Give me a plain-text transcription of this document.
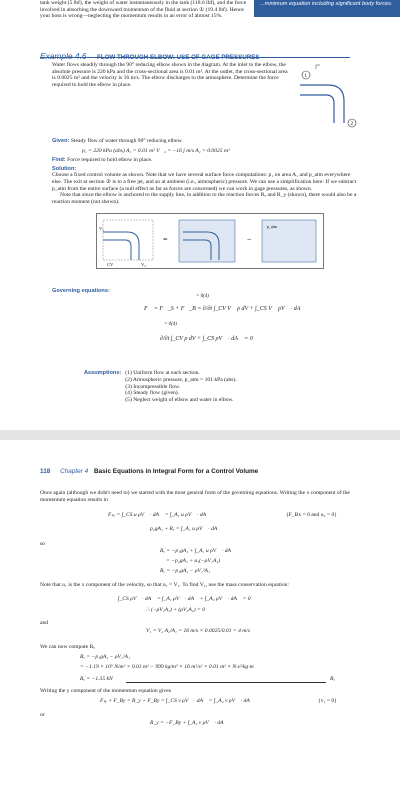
tank weight (5 lbf), the weight of water instantaneously in the tank (118.6 lbf), and the force involved in absorbing the downward momentum of the fluid at section ① (19.4 lbf). Hence your boss is wrong—neglecting the momentum results in an error of almost 15%.

...minimum equation including significant body forces.
Example 4.6 FLOW THROUGH ELBOW: USE OF GAGE PRESSURES

Water flows steadily through the 90° reducing elbow shown in the diagram. At the inlet to the elbow, the absolute pressure is 220 kPa and the cross-sectional area is 0.01 m². At the outlet, the cross-sectional area is 0.0025 m² and the velocity is 16 m/s. The elbow discharges to the atmosphere. Determine the force required to hold the elbow in place.

1
2

Given: Steady flow of water through 90° reducing elbow.

p₁ = 220 kPa (abs) A₁ = 0.01 m² V⃗₂ = −16 ĵ m/s A₂ = 0.0025 m²

Find: Force required to hold elbow in place.

Solution:

Choose a fixed control volume as shown. Note that we have several surface force computations: p₁ on area A₁ and p_atm everywhere else. The exit at section ② is to a free jet, and so at ambient (i.e., atmospheric) pressure. We can use a simplification here: If we subtract p_atm from the entire surface (a null effect as far as forces are concerned) we can work in gage pressures, as shown.

Note that since the elbow is anchored to the supply line, in addition to the reaction forces Rₓ and R_y (shown), there would also be a reaction moment (not shown).

=	−
CV
V₁
V₂
p_atm
Governing equations:
= 0(4)
F⃗ = F⃗_S + F⃗_B = ∂/∂t ∫_CV V⃗ ρ dV + ∫_CS V⃗ ρV⃗ · dA⃗
= 0(4)
∂/∂t ∫_CV ρ dV + ∫_CS ρV⃗ · dA⃗ = 0
Assumptions:	(1) Uniform flow at each section.
	(2) Atmospheric pressure, p_atm = 101 kPa (abs).
	(3) Incompressible flow.
	(4) Steady flow (given).
	(5) Neglect weight of elbow and water in elbow.
118 Chapter 4 Basic Equations in Integral Form for a Control Volume

Once again (although we didn't need to) we started with the most general form of the governing equations. Writing the x component of the momentum equation results in

Fₛₓ = ∫_CS u ρV⃗ · dA⃗ = ∫_A₁ u ρV⃗ · dA⃗	{F_Bx = 0 and u₂ = 0}
p₁gA₁ + Rₓ = ∫_A₁ u ρV⃗ · dA⃗

so

Rₓ = −p₁gA₁ + ∫_A₁ u ρV⃗ · dA⃗
= −p₁gA₁ + u₁(−ρV₁A₁)
Rₓ = −p₁gA₁ − ρV₁²A₁

Note that u₁ is the x component of the velocity, so that u₁ = V₁. To find V₁, use the mass conservation equation:

∫_CS ρV⃗ · dA⃗ = ∫_A₁ ρV⃗ · dA⃗ + ∫_A₂ ρV⃗ · dA⃗ = 0
∴ (−ρV₁A₁) + (ρV₂A₂) = 0

and

V₁ = V₂ A₂/A₁ = 16 m/s × 0.0025/0.01 = 4 m/s

We can now compute Rₓ

Rₓ = −p₁gA₁ − ρV₁²A₁
= −1.19 × 10⁵ N/m² × 0.01 m² − 999 kg/m³ × 16 m²/s² × 0.01 m² × N·s²/kg·m
Rₓ = −1.35 kN	Rₓ

Writing the y component of the momentum equation gives

Fₛᵧ + F_By = R_y + F_By = ∫_CS v ρV⃗ · dA⃗ = ∫_A₂ v ρV⃗ · dA⃗	{v₁ = 0}

or

R_y = −F_By + ∫_A₂ v ρV⃗ · dA⃗
